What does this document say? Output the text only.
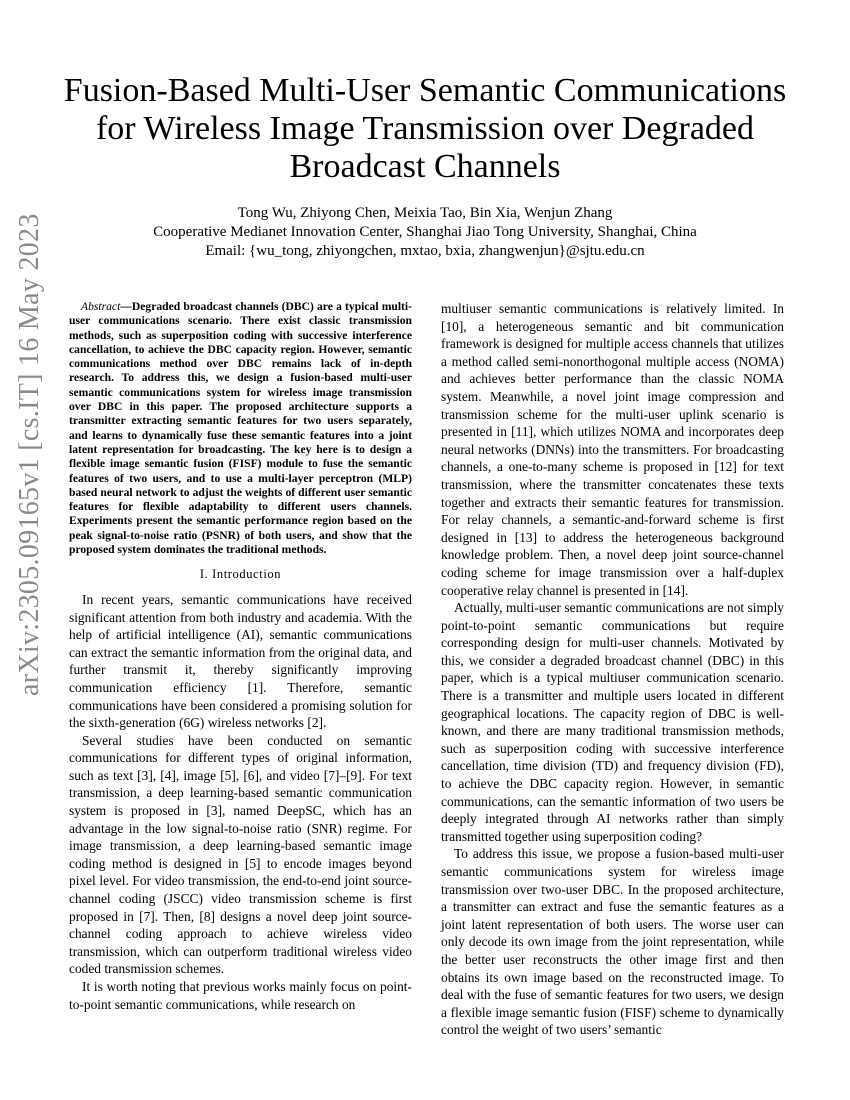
arXiv:2305.09165v1 [cs.IT] 16 May 2023
Fusion-Based Multi-User Semantic Communications for Wireless Image Transmission over Degraded Broadcast Channels
Tong Wu, Zhiyong Chen, Meixia Tao, Bin Xia, Wenjun Zhang
Cooperative Medianet Innovation Center, Shanghai Jiao Tong University, Shanghai, China
Email: {wu_tong, zhiyongchen, mxtao, bxia, zhangwenjun}@sjtu.edu.cn

Abstract—Degraded broadcast channels (DBC) are a typical multi-user communications scenario. There exist classic transmission methods, such as superposition coding with successive interference cancellation, to achieve the DBC capacity region. However, semantic communications method over DBC remains lack of in-depth research. To address this, we design a fusion-based multi-user semantic communications system for wireless image transmission over DBC in this paper. The proposed architecture supports a transmitter extracting semantic features for two users separately, and learns to dynamically fuse these semantic features into a joint latent representation for broadcasting. The key here is to design a flexible image semantic fusion (FISF) module to fuse the semantic features of two users, and to use a multi-layer perceptron (MLP) based neural network to adjust the weights of different user semantic features for flexible adaptability to different users channels. Experiments present the semantic performance region based on the peak signal-to-noise ratio (PSNR) of both users, and show that the proposed system dominates the traditional methods.

I. Introduction

In recent years, semantic communications have received significant attention from both industry and academia. With the help of artificial intelligence (AI), semantic communications can extract the semantic information from the original data, and further transmit it, thereby significantly improving communication efficiency [1]. Therefore, semantic communications have been considered a promising solution for the sixth-generation (6G) wireless networks [2].

Several studies have been conducted on semantic communications for different types of original information, such as text [3], [4], image [5], [6], and video [7]–[9]. For text transmission, a deep learning-based semantic communication system is proposed in [3], named DeepSC, which has an advantage in the low signal-to-noise ratio (SNR) regime. For image transmission, a deep learning-based semantic image coding method is designed in [5] to encode images beyond pixel level. For video transmission, the end-to-end joint source-channel coding (JSCC) video transmission scheme is first proposed in [7]. Then, [8] designs a novel deep joint source-channel coding approach to achieve wireless video transmission, which can outperform traditional wireless video coded transmission schemes.

It is worth noting that previous works mainly focus on point-to-point semantic communications, while research on

multiuser semantic communications is relatively limited. In [10], a heterogeneous semantic and bit communication framework is designed for multiple access channels that utilizes a method called semi-nonorthogonal multiple access (NOMA) and achieves better performance than the classic NOMA system. Meanwhile, a novel joint image compression and transmission scheme for the multi-user uplink scenario is presented in [11], which utilizes NOMA and incorporates deep neural networks (DNNs) into the transmitters. For broadcasting channels, a one-to-many scheme is proposed in [12] for text transmission, where the transmitter concatenates these texts together and extracts their semantic features for transmission. For relay channels, a semantic-and-forward scheme is first designed in [13] to address the heterogeneous background knowledge problem. Then, a novel deep joint source-channel coding scheme for image transmission over a half-duplex cooperative relay channel is presented in [14].

Actually, multi-user semantic communications are not simply point-to-point semantic communications but require corresponding design for multi-user channels. Motivated by this, we consider a degraded broadcast channel (DBC) in this paper, which is a typical multiuser communication scenario. There is a transmitter and multiple users located in different geographical locations. The capacity region of DBC is well-known, and there are many traditional transmission methods, such as superposition coding with successive interference cancellation, time division (TD) and frequency division (FD), to achieve the DBC capacity region. However, in semantic communications, can the semantic information of two users be deeply integrated through AI networks rather than simply transmitted together using superposition coding?

To address this issue, we propose a fusion-based multi-user semantic communications system for wireless image transmission over two-user DBC. In the proposed architecture, a transmitter can extract and fuse the semantic features as a joint latent representation of both users. The worse user can only decode its own image from the joint representation, while the better user reconstructs the other image first and then obtains its own image based on the reconstructed image. To deal with the fuse of semantic features for two users, we design a flexible image semantic fusion (FISF) scheme to dynamically control the weight of two users’ semantic
